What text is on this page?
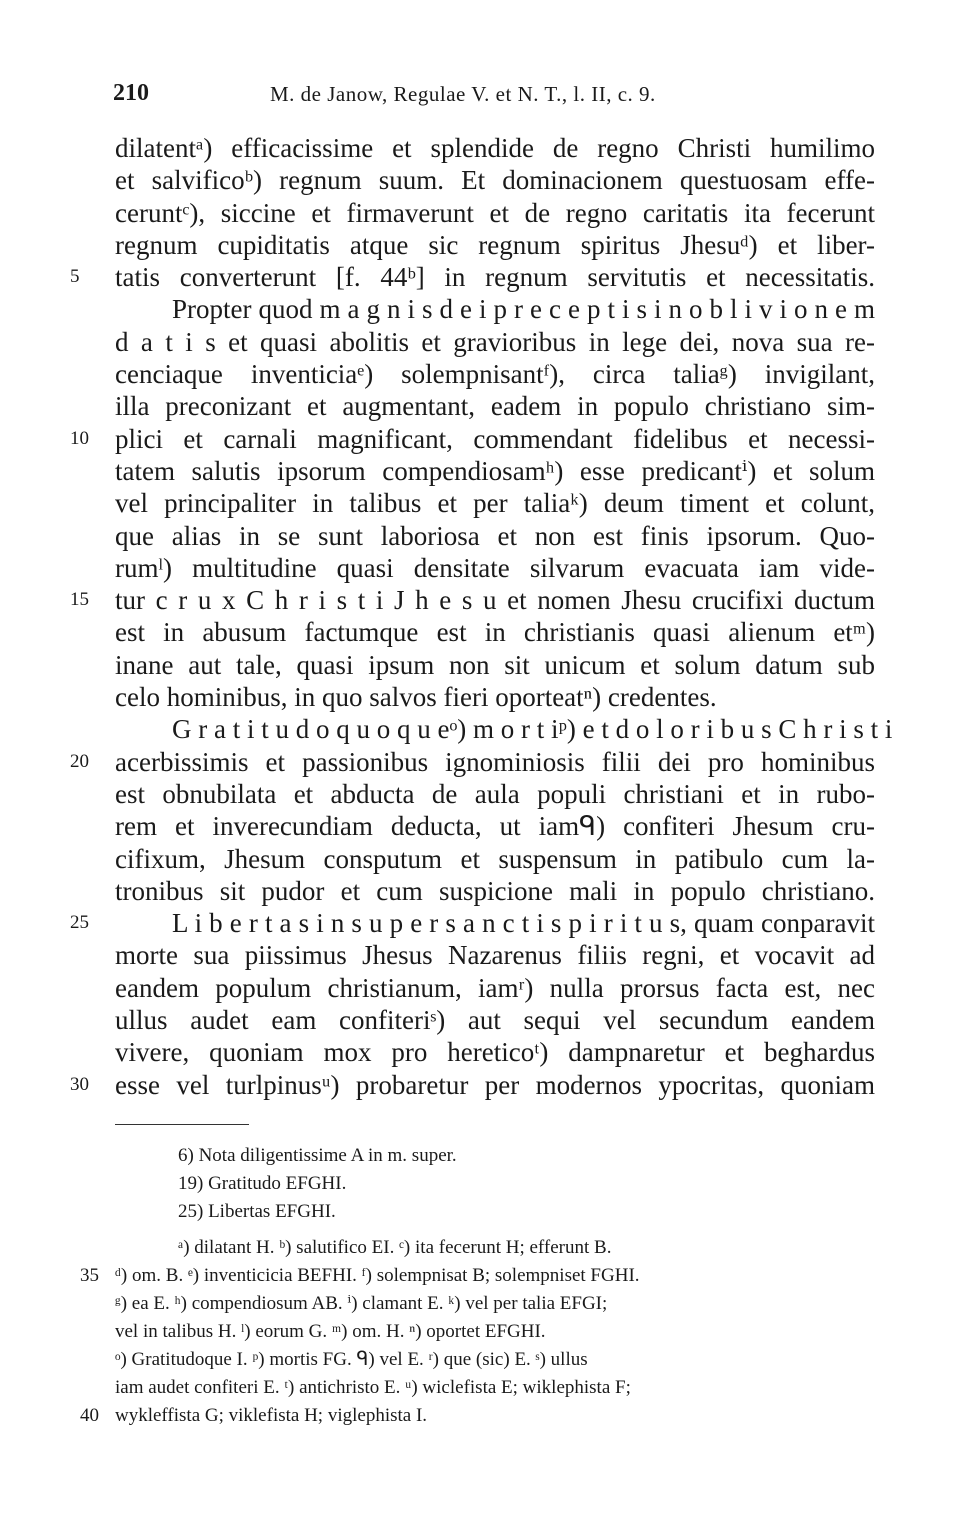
210	M. de Janow, Regulae V. et N. T., l. II, c. 9.
dilatentᵃ) efficacissime et splendide de regno Christi humilimo
et salvificoᵇ) regnum suum. Et dominacionem questuosam effe-
ceruntᶜ), siccine et firmaverunt et de regno caritatis ita fecerunt
regnum cupiditatis atque sic regnum spiritus Jhesuᵈ) et liber-
5	tatis converterunt [f. 44ᵇ] in regnum servitutis et necessitatis.
Propter quod m a g n i s d e i p r e c e p t i s i n o b l i v i o n e m
d a t i s et quasi abolitis et gravioribus in lege dei, nova sua re-
cenciaque inventiciaᵉ) solempnisantᶠ), circa taliaᵍ) invigilant,
illa preconizant et augmentant, eadem in populo christiano sim-
10 plici et carnali magnificant, commendant fidelibus et necessi-
tatem salutis ipsorum compendiosamʰ) esse predicantⁱ) et solum
vel principaliter in talibus et per taliaᵏ) deum timent et colunt,
que alias in se sunt laboriosa et non est finis ipsorum. Quo-
rumˡ) multitudine quasi densitate silvarum evacuata iam vide-
15 tur c r u x C h r i s t i J h e s u et nomen Jhesu crucifixi ductum
est in abusum factumque est in christianis quasi alienum etᵐ)
inane aut tale, quasi ipsum non sit unicum et solum datum sub
celo hominibus, in quo salvos fieri oporteatⁿ) credentes.
G r a t i t u d o q u o q u eᵒ) m o r t iᵖ) e t d o l o r i b u s C h r i s t i
20 acerbissimis et passionibus ignominiosis filii dei pro hominibus
est obnubilata et abducta de aula populi christiani et in rubo-
rem et inverecundiam deducta, ut iamᑫ) confiteri Jhesum cru-
cifixum, Jhesum consputum et suspensum in patibulo cum la-
tronibus sit pudor et cum suspicione mali in populo christiano.
25	L i b e r t a s i n s u p e r s a n c t i s p i r i t u s, quam conparavit
morte sua piissimus Jhesus Nazarenus filiis regni, et vocavit ad
eandem populum christianum, iamʳ) nulla prorsus facta est, nec
ullus audet eam confiteriˢ) aut sequi vel secundum eandem
vivere, quoniam mox pro hereticoᵗ) dampnaretur et beghardus
30 esse vel turlpinusᵘ) probaretur per modernos ypocritas, quoniam
6) Nota diligentissime A in m. super.
19) Gratitudo EFGHI.
25) Libertas EFGHI.
ᵃ) dilatant H. ᵇ) salutifico EI. ᶜ) ita fecerunt H; efferunt B.
35 ᵈ) om. B. ᵉ) inventicicia BEFHI. ᶠ) solempnisat B; solempniset FGHI.
ᵍ) ea E. ʰ) compendiosum AB. ⁱ) clamant E. ᵏ) vel per talia EFGI;
vel in talibus H. ˡ) eorum G. ᵐ) om. H. ⁿ) oportet EFGHI.
ᵒ) Gratitudoque I. ᵖ) mortis FG. ᑫ) vel E. ʳ) que (sic) E. ˢ) ullus
iam audet confiteri E. ᵗ) antichristo E. ᵘ) wiclefista E; wiklephista F;
40 wykleffista G; viklefista H; viglephista I.
